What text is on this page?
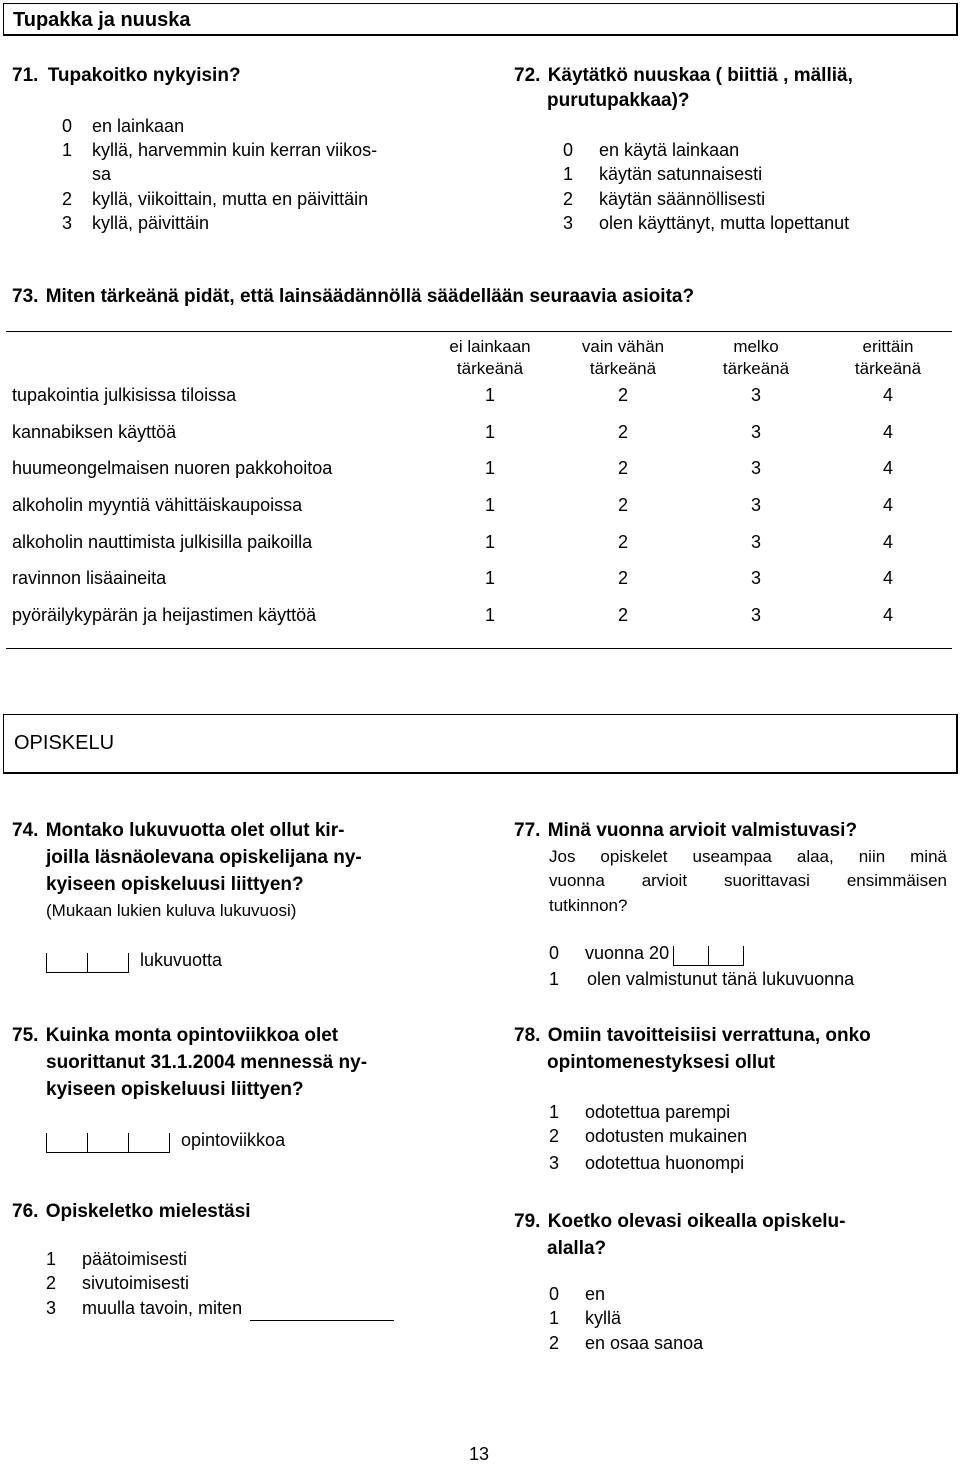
Tupakka ja nuuska
71. Tupakoitko nykyisin?
0 en lainkaan
1 kyllä, harvemmin kuin kerran viikos-
sa
2 kyllä, viikoittain, mutta en päivittäin
3 kyllä, päivittäin
72. Käytätkö nuuskaa ( biittiä , mälliä,
purutupakkaa)?
0 en käytä lainkaan
1 käytän satunnaisesti
2 käytän säännöllisesti
3 olen käyttänyt, mutta lopettanut
73. Miten tärkeänä pidät, että lainsäädännöllä säädellään seuraavia asioita?
ei lainkaan
tärkeänä
vain vähän
tärkeänä
melko
tärkeänä
erittäin
tärkeänä
tupakointia julkisissa tiloissa	1	2	3	4
kannabiksen käyttöä	1	2	3	4
huumeongelmaisen nuoren pakkohoitoa	1	2	3	4
alkoholin myyntiä vähittäiskaupoissa	1	2	3	4
alkoholin nauttimista julkisilla paikoilla	1	2	3	4
ravinnon lisäaineita	1	2	3	4
pyöräilykypärän ja heijastimen käyttöä	1	2	3	4
OPISKELU
74. Montako lukuvuotta olet ollut kir-
joilla läsnäolevana opiskelijana ny-
kyiseen opiskeluusi liittyen?
(Mukaan lukien kuluva lukuvuosi)
lukuvuotta
75. Kuinka monta opintoviikkoa olet
suorittanut 31.1.2004 mennessä ny-
kyiseen opiskeluusi liittyen?
opintoviikkoa
76. Opiskeletko mielestäsi
1 päätoimisesti
2 sivutoimisesti
3 muulla tavoin, miten
77. Minä vuonna arvioit valmistuvasi?
Jos opiskelet useampaa alaa, niin minä
vuonna arvioit suorittavasi ensimmäisen
tutkinnon?
0 vuonna 20
1 olen valmistunut tänä lukuvuonna
78. Omiin tavoitteisiisi verrattuna, onko
opintomenestyksesi ollut
1 odotettua parempi
2 odotusten mukainen
3 odotettua huonompi
79. Koetko olevasi oikealla opiskelu-
alalla?
0 en
1 kyllä
2 en osaa sanoa
13
